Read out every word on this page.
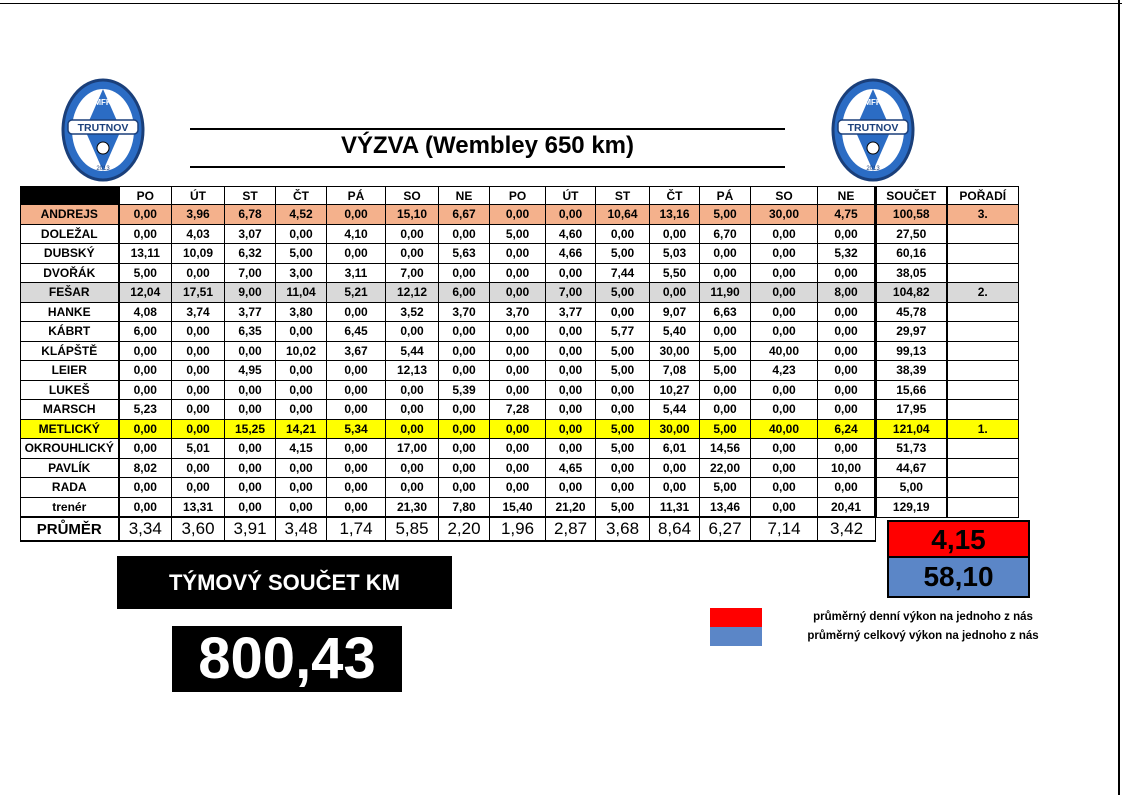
TRUTNOV
MFK
2013
TRUTNOV
MFK
2013
VÝZVA (Wembley 650 km)
	PO	ÚT	ST	ČT	PÁ	SO	NE	PO	ÚT	ST	ČT	PÁ	SO	NE	SOUČET	POŘADÍ
ANDREJS	0,00	3,96	6,78	4,52	0,00	15,10	6,67	0,00	0,00	10,64	13,16	5,00	30,00	4,75	100,58	3.
DOLEŽAL	0,00	4,03	3,07	0,00	4,10	0,00	0,00	5,00	4,60	0,00	0,00	6,70	0,00	0,00	27,50	
DUBSKÝ	13,11	10,09	6,32	5,00	0,00	0,00	5,63	0,00	4,66	5,00	5,03	0,00	0,00	5,32	60,16	
DVOŘÁK	5,00	0,00	7,00	3,00	3,11	7,00	0,00	0,00	0,00	7,44	5,50	0,00	0,00	0,00	38,05	
FEŠAR	12,04	17,51	9,00	11,04	5,21	12,12	6,00	0,00	7,00	5,00	0,00	11,90	0,00	8,00	104,82	2.
HANKE	4,08	3,74	3,77	3,80	0,00	3,52	3,70	3,70	3,77	0,00	9,07	6,63	0,00	0,00	45,78	
KÁBRT	6,00	0,00	6,35	0,00	6,45	0,00	0,00	0,00	0,00	5,77	5,40	0,00	0,00	0,00	29,97	
KLÁPŠTĚ	0,00	0,00	0,00	10,02	3,67	5,44	0,00	0,00	0,00	5,00	30,00	5,00	40,00	0,00	99,13	
LEIER	0,00	0,00	4,95	0,00	0,00	12,13	0,00	0,00	0,00	5,00	7,08	5,00	4,23	0,00	38,39	
LUKEŠ	0,00	0,00	0,00	0,00	0,00	0,00	5,39	0,00	0,00	0,00	10,27	0,00	0,00	0,00	15,66	
MARSCH	5,23	0,00	0,00	0,00	0,00	0,00	0,00	7,28	0,00	0,00	5,44	0,00	0,00	0,00	17,95	
METLICKÝ	0,00	0,00	15,25	14,21	5,34	0,00	0,00	0,00	0,00	5,00	30,00	5,00	40,00	6,24	121,04	1.
OKROUHLICKÝ	0,00	5,01	0,00	4,15	0,00	17,00	0,00	0,00	0,00	5,00	6,01	14,56	0,00	0,00	51,73	
PAVLÍK	8,02	0,00	0,00	0,00	0,00	0,00	0,00	0,00	4,65	0,00	0,00	22,00	0,00	10,00	44,67	
RADA	0,00	0,00	0,00	0,00	0,00	0,00	0,00	0,00	0,00	0,00	0,00	5,00	0,00	0,00	5,00	
trenér	0,00	13,31	0,00	0,00	0,00	21,30	7,80	15,40	21,20	5,00	11,31	13,46	0,00	20,41	129,19	
PRŮMĚR	3,34	3,60	3,91	3,48	1,74	5,85	2,20	1,96	2,87	3,68	8,64	6,27	7,14	3,42			4,15
58,10
TÝMOVÝ SOUČET KM
800,43
průměrný denní výkon na jednoho z nás
průměrný celkový výkon na jednoho z nás
